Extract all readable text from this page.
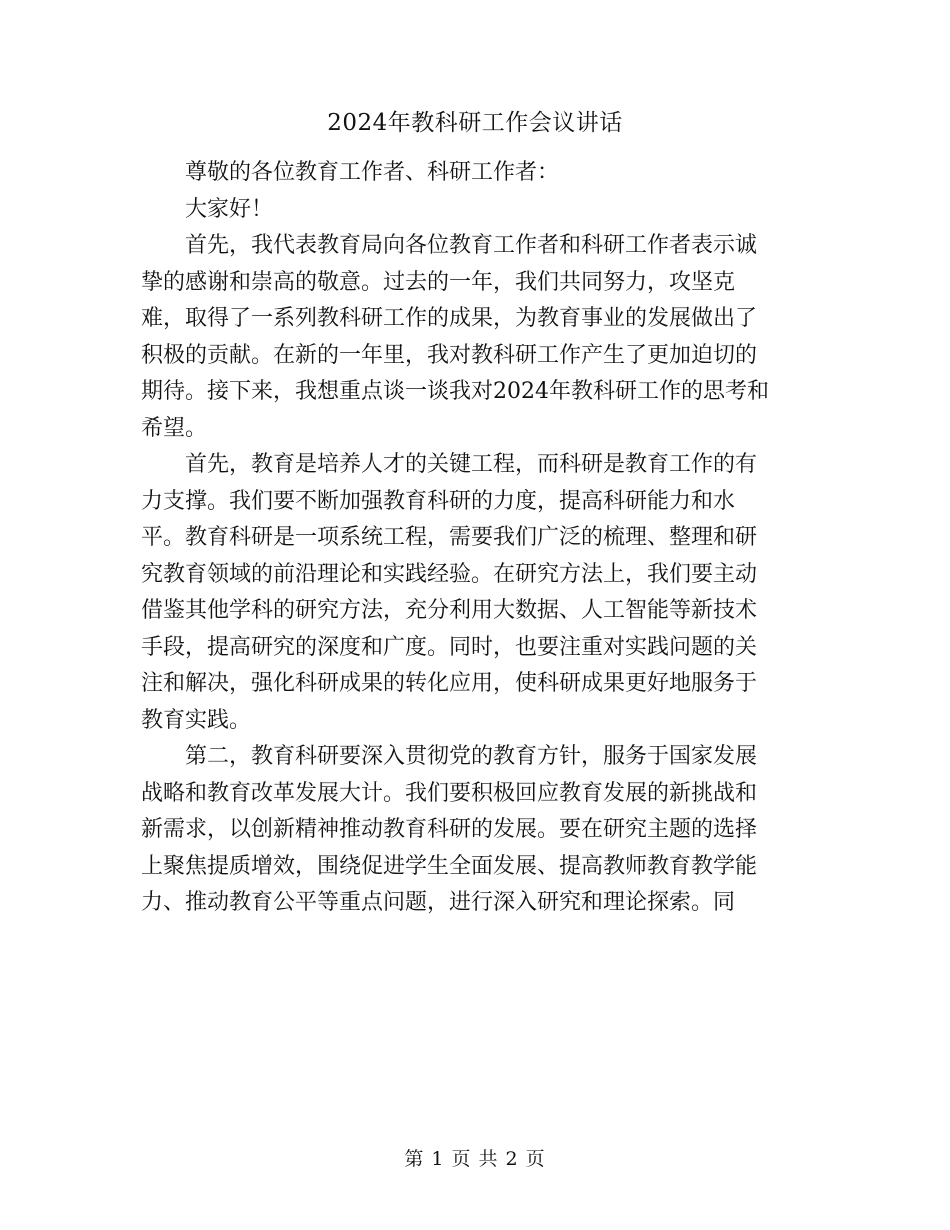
2024年教科研工作会议讲话
尊敬的各位教育工作者、科研工作者：
大家好！
首先，我代表教育局向各位教育工作者和科研工作者表示诚
挚的感谢和崇高的敬意。过去的一年，我们共同努力，攻坚克
难，取得了一系列教科研工作的成果，为教育事业的发展做出了
积极的贡献。在新的一年里，我对教科研工作产生了更加迫切的
期待。接下来，我想重点谈一谈我对2024年教科研工作的思考和
希望。
首先，教育是培养人才的关键工程，而科研是教育工作的有
力支撑。我们要不断加强教育科研的力度，提高科研能力和水
平。教育科研是一项系统工程，需要我们广泛的梳理、整理和研
究教育领域的前沿理论和实践经验。在研究方法上，我们要主动
借鉴其他学科的研究方法，充分利用大数据、人工智能等新技术
手段，提高研究的深度和广度。同时，也要注重对实践问题的关
注和解决，强化科研成果的转化应用，使科研成果更好地服务于
教育实践。
第二，教育科研要深入贯彻党的教育方针，服务于国家发展
战略和教育改革发展大计。我们要积极回应教育发展的新挑战和
新需求，以创新精神推动教育科研的发展。要在研究主题的选择
上聚焦提质增效，围绕促进学生全面发展、提高教师教育教学能
力、推动教育公平等重点问题，进行深入研究和理论探索。同
第 1 页 共 2 页
